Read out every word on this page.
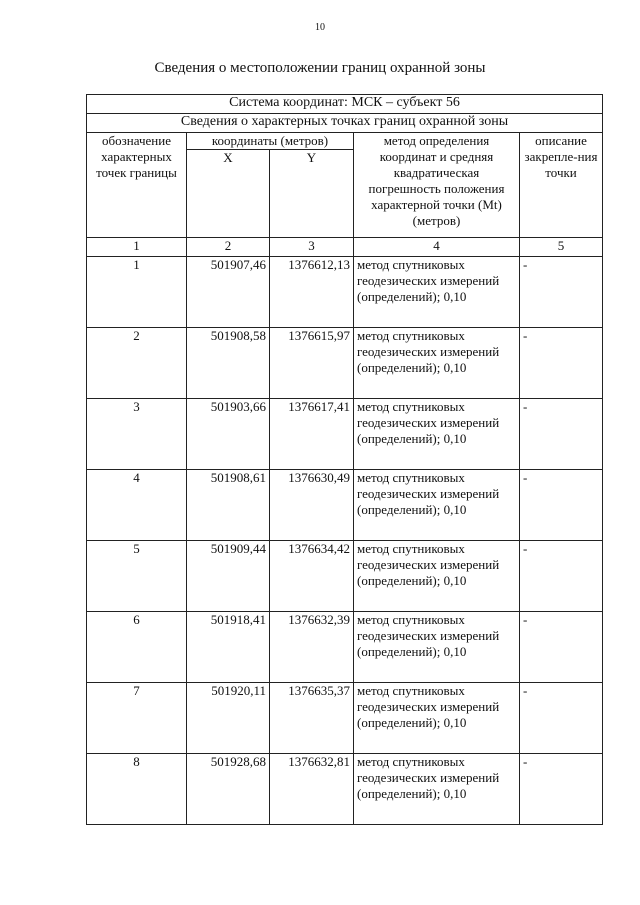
10
Сведения о местоположении границ охранной зоны
Система координат: МСК – субъект 56				
Сведения о характерных точках границ охранной зоны				
обозначение характерных точек границы	координаты (метров)		метод определения координат и средняя квадратическая погрешность положения характерной точки (Mt) (метров)	описание закрепле-ния точки
	X	Y		
1	2	3	4	5
1	501907,46	1376612,13	метод спутниковых геодезических измерений (определений); 0,10	-
2	501908,58	1376615,97	метод спутниковых геодезических измерений (определений); 0,10	-
3	501903,66	1376617,41	метод спутниковых геодезических измерений (определений); 0,10	-
4	501908,61	1376630,49	метод спутниковых геодезических измерений (определений); 0,10	-
5	501909,44	1376634,42	метод спутниковых геодезических измерений (определений); 0,10	-
6	501918,41	1376632,39	метод спутниковых геодезических измерений (определений); 0,10	-
7	501920,11	1376635,37	метод спутниковых геодезических измерений (определений); 0,10	-
8	501928,68	1376632,81	метод спутниковых геодезических измерений (определений); 0,10	-
